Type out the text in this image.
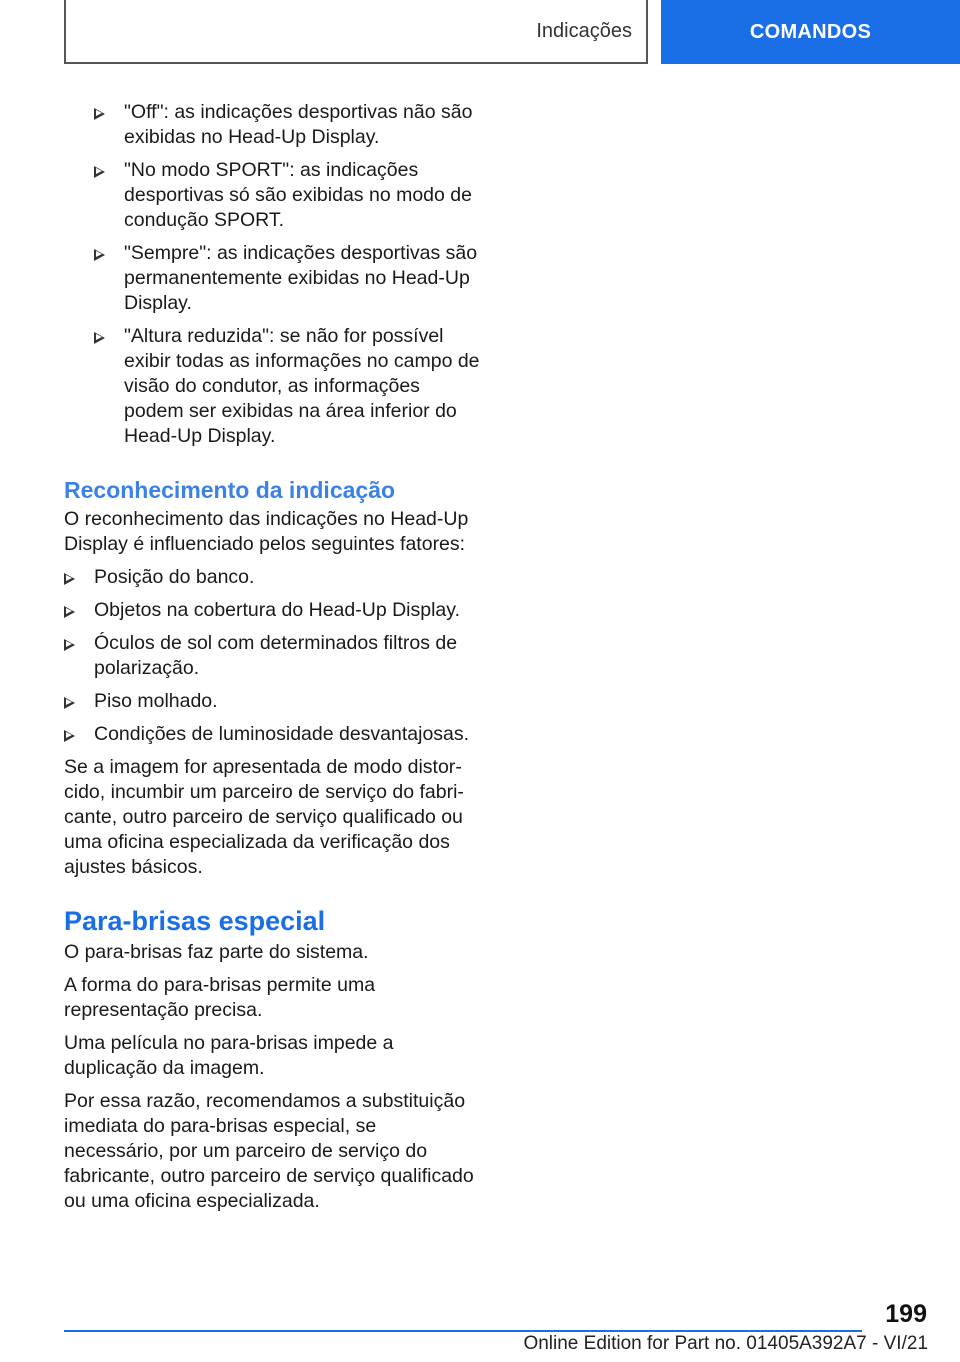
Indicações	COMANDOS
"Off": as indicações desportivas não são exibidas no Head-Up Display.
"No modo SPORT": as indicações desportivas só são exibidas no modo de condução SPORT.
"Sempre": as indicações desportivas são permanentemente exibidas no Head-Up Display.
"Altura reduzida": se não for possível exibir todas as informações no campo de visão do condutor, as informações podem ser exibidas na área inferior do Head-Up Display.
Reconhecimento da indicação

O reconhecimento das indicações no Head-Up Display é influenciado pelos seguintes fatores:

Posição do banco.
Objetos na cobertura do Head-Up Display.
Óculos de sol com determinados filtros de polarização.
Piso molhado.
Condições de luminosidade desvantajosas.

Se a imagem for apresentada de modo distorcido, incumbir um parceiro de serviço do fabricante, outro parceiro de serviço qualificado ou uma oficina especializada da verificação dos ajustes básicos.

Para-brisas especial

O para-brisas faz parte do sistema.

A forma do para-brisas permite uma representação precisa.

Uma película no para-brisas impede a duplicação da imagem.

Por essa razão, recomendamos a substituição imediata do para-brisas especial, se necessário, por um parceiro de serviço do fabricante, outro parceiro de serviço qualificado ou uma oficina especializada.

199
Online Edition for Part no. 01405A392A7 - VI/21
